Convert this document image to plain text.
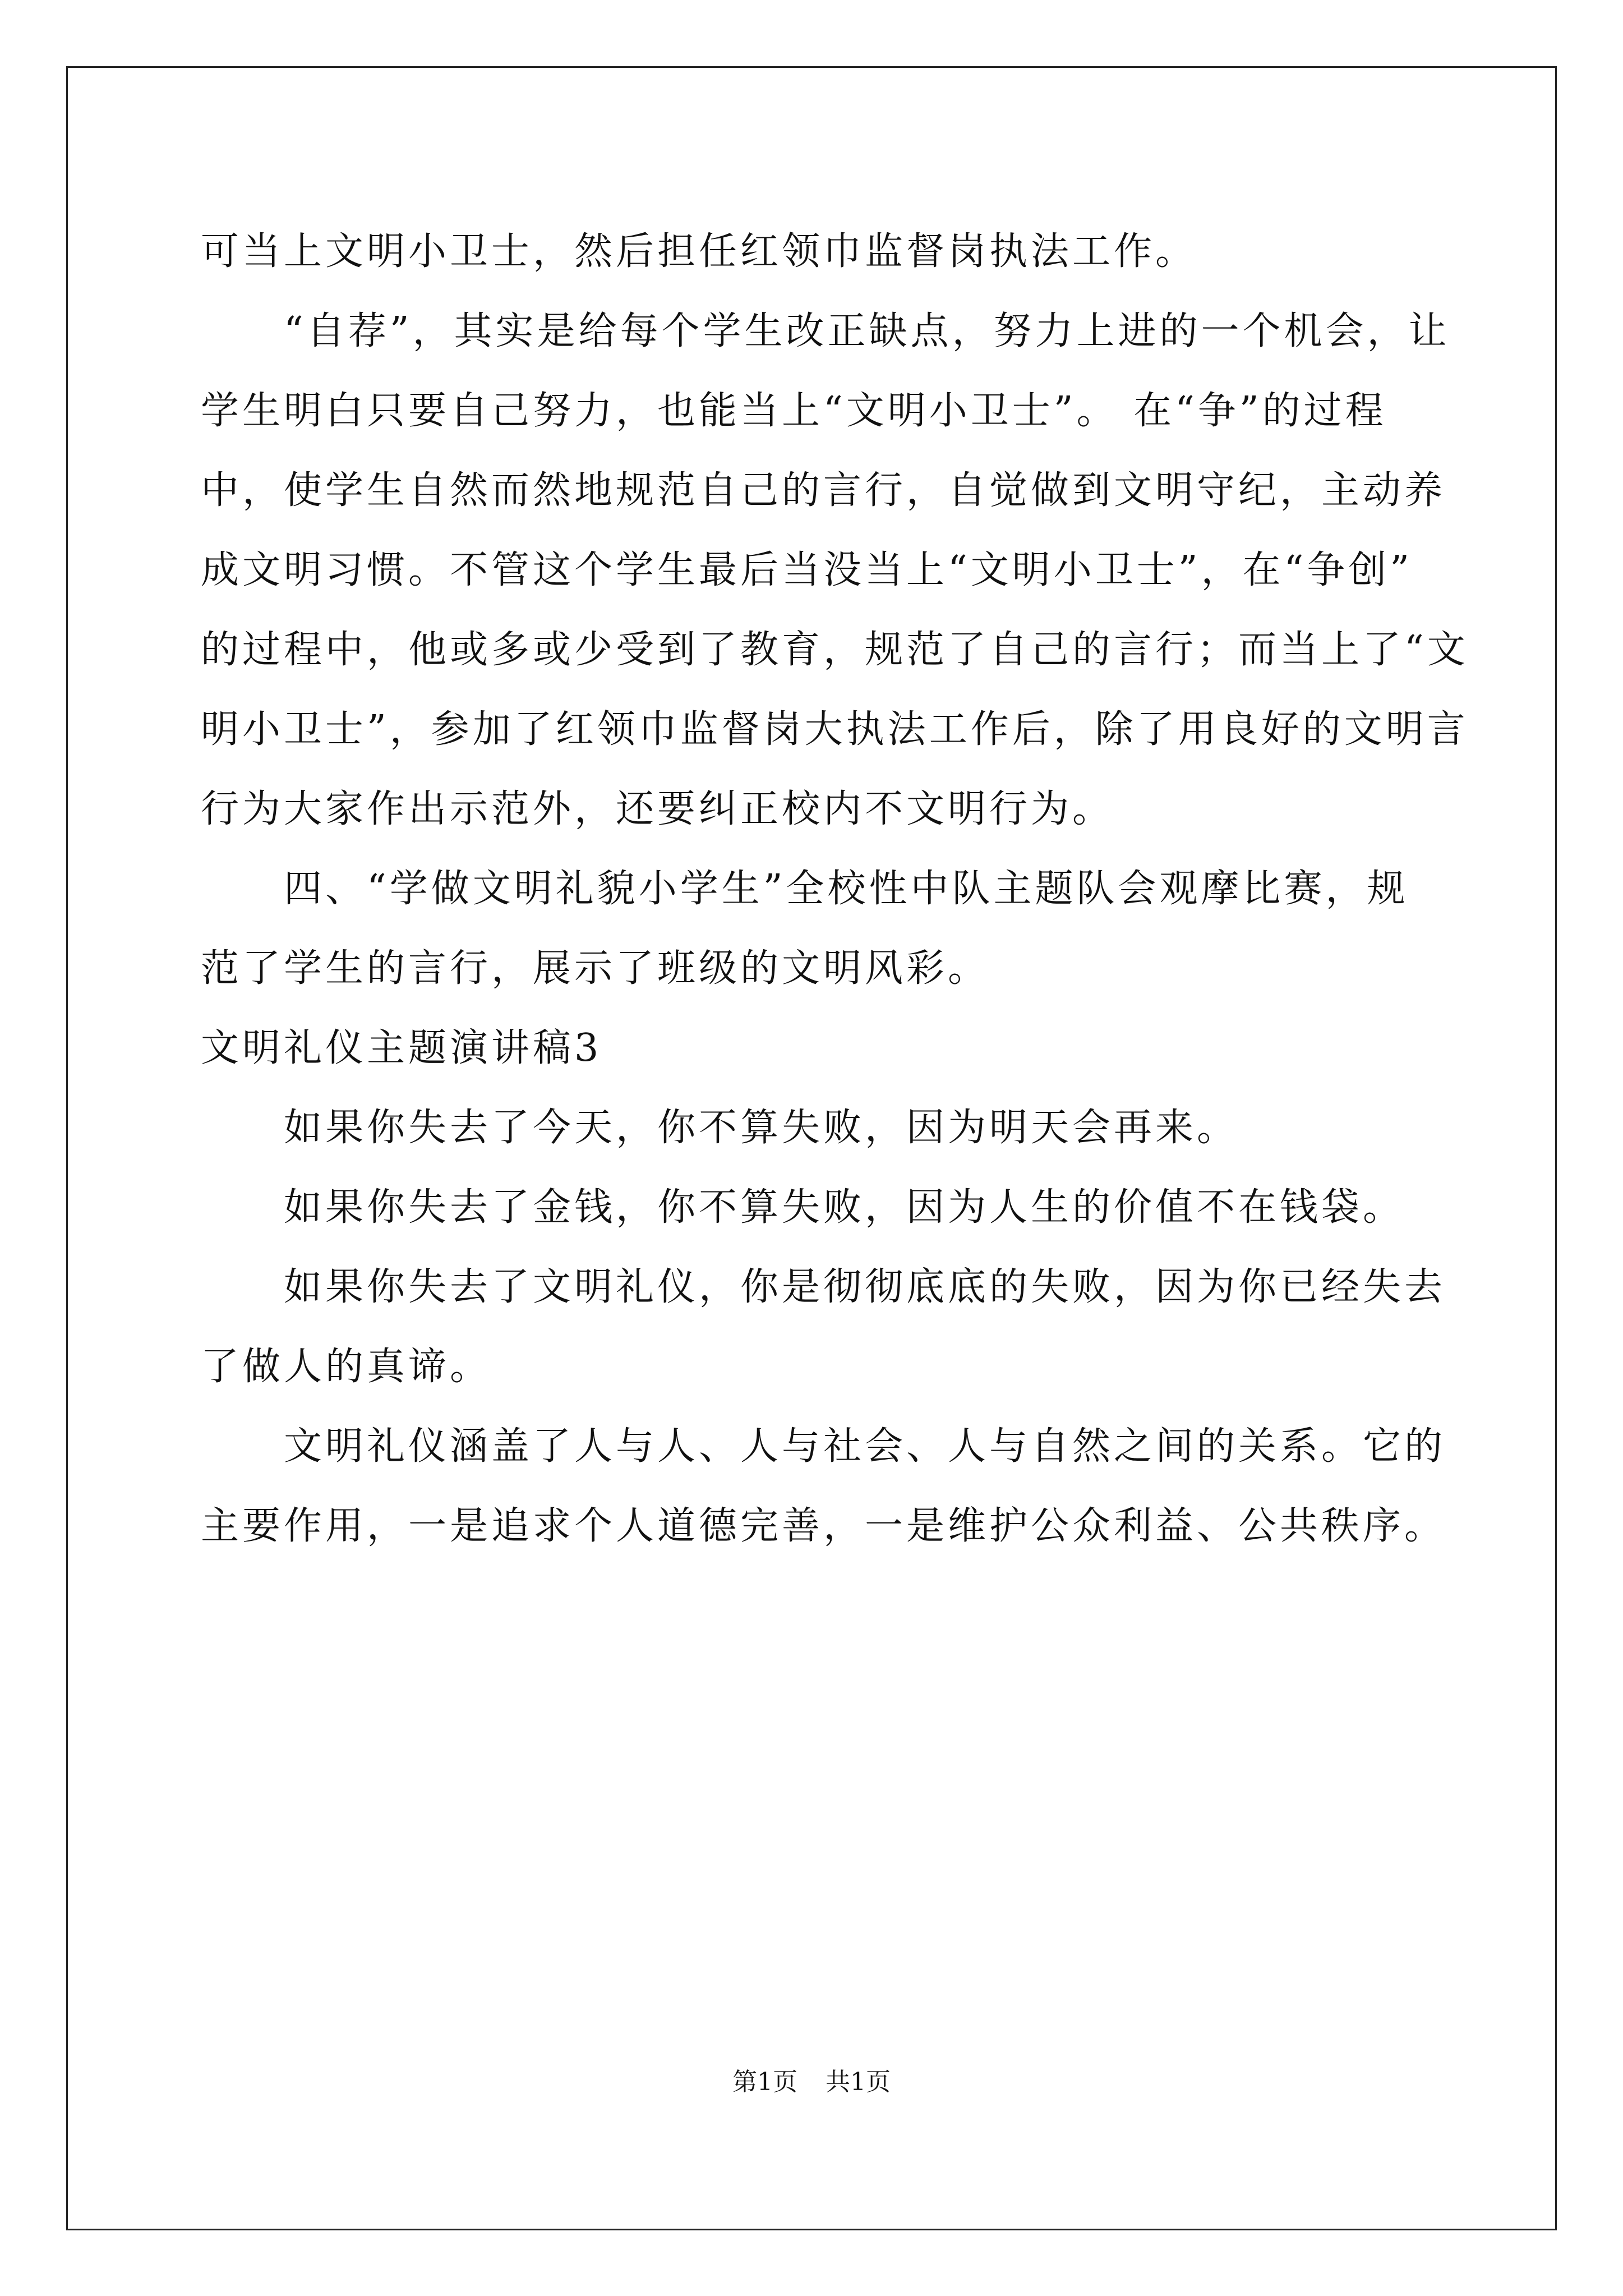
可当上文明小卫士，然后担任红领巾监督岗执法工作。
“自荐”，其实是给每个学生改正缺点，努力上进的一个机会，让
学生明白只要自己努力，也能当上“文明小卫士”。 在“争”的过程
中，使学生自然而然地规范自己的言行，自觉做到文明守纪，主动养
成文明习惯。不管这个学生最后当没当上“文明小卫士”，在“争创”
的过程中，他或多或少受到了教育，规范了自己的言行；而当上了“文
明小卫士”，参加了红领巾监督岗大执法工作后，除了用良好的文明言
行为大家作出示范外，还要纠正校内不文明行为。
四、“学做文明礼貌小学生”全校性中队主题队会观摩比赛，规
范了学生的言行，展示了班级的文明风彩。
文明礼仪主题演讲稿3
如果你失去了今天，你不算失败，因为明天会再来。
如果你失去了金钱，你不算失败，因为人生的价值不在钱袋。
如果你失去了文明礼仪，你是彻彻底底的失败，因为你已经失去
了做人的真谛。
文明礼仪涵盖了人与人、人与社会、人与自然之间的关系。它的
主要作用，一是追求个人道德完善，一是维护公众利益、公共秩序。
第1页 共1页
